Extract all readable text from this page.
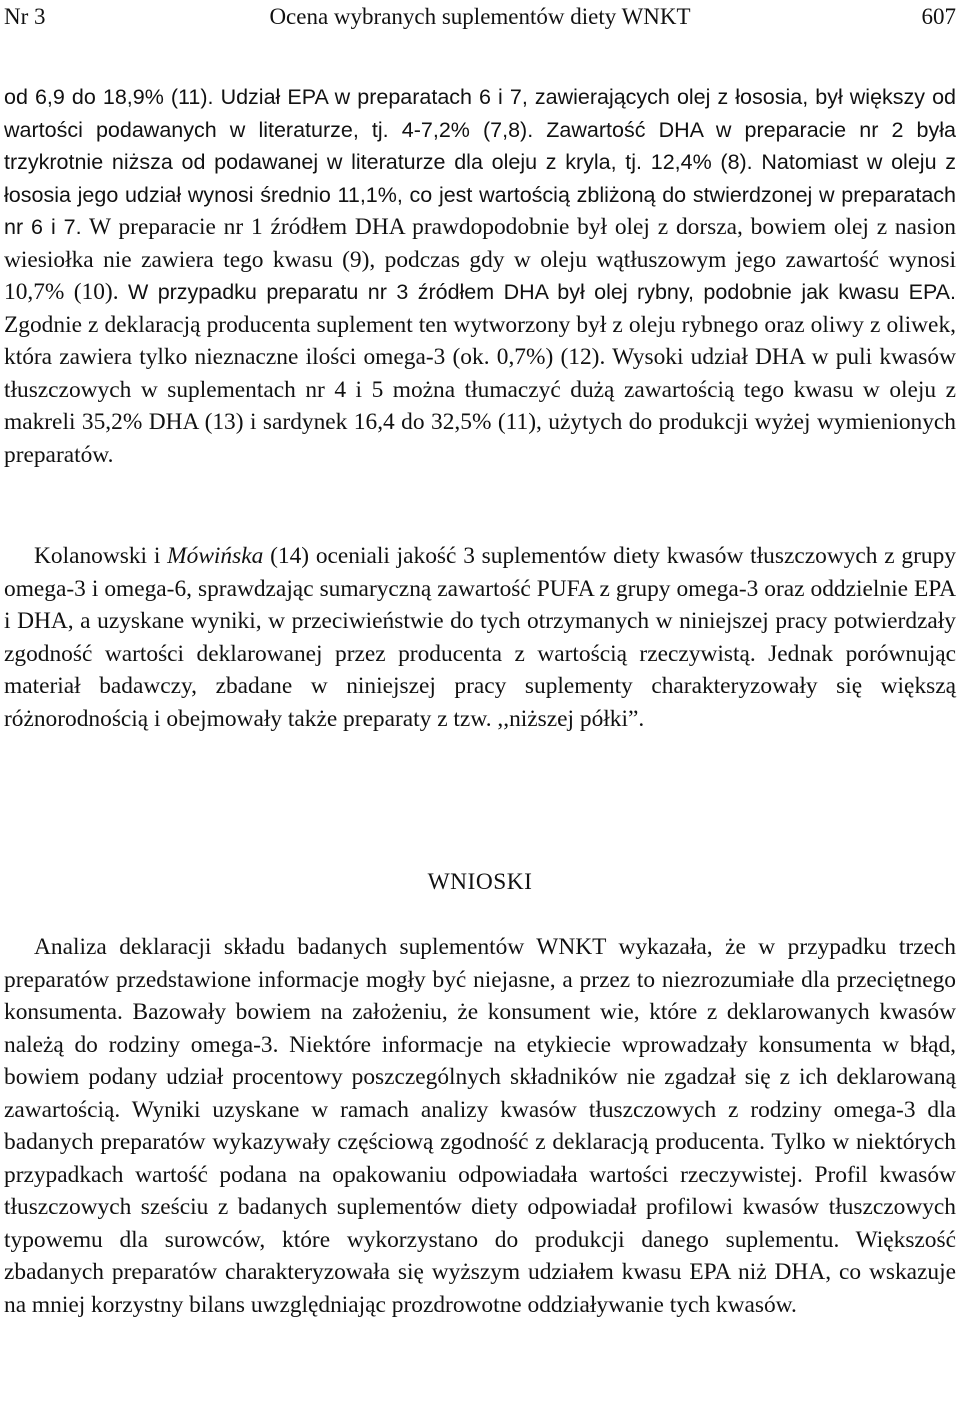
Nr 3	Ocena wybranych suplementów diety WNKT	607

od 6,9 do 18,9% (11). Udział EPA w preparatach 6 i 7, zawierających olej z łososia, był większy od wartości podawanych w literaturze, tj. 4-7,2% (7,8). Zawartość DHA w preparacie nr 2 była trzykrotnie niższa od podawanej w literaturze dla oleju z kryla, tj. 12,4% (8). Natomiast w oleju z łososia jego udział wynosi średnio 11,1%, co jest wartością zbliżoną do stwierdzonej w preparatach nr 6 i 7. W preparacie nr 1 źródłem DHA prawdopodobnie był olej z dorsza, bowiem olej z nasion wiesiołka nie zawiera tego kwasu (9), podczas gdy w oleju wątłuszowym jego zawartość wynosi 10,7% (10). W przypadku preparatu nr 3 źródłem DHA był olej rybny, podobnie jak kwasu EPA. Zgodnie z deklaracją producenta suplement ten wytworzony był z oleju rybnego oraz oliwy z oliwek, która zawiera tylko nieznaczne ilości omega-3 (ok. 0,7%) (12). Wysoki udział DHA w puli kwasów tłuszczowych w suplementach nr 4 i 5 można tłumaczyć dużą zawartością tego kwasu w oleju z makreli 35,2% DHA (13) i sardynek 16,4 do 32,5% (11), użytych do produkcji wyżej wymienionych preparatów.

Kolanowski i Mówińska (14) oceniali jakość 3 suplementów diety kwasów tłuszczowych z grupy omega-3 i omega-6, sprawdzając sumaryczną zawartość PUFA z grupy omega-3 oraz oddzielnie EPA i DHA, a uzyskane wyniki, w przeciwieństwie do tych otrzymanych w niniejszej pracy potwierdzały zgodność wartości deklarowanej przez producenta z wartością rzeczywistą. Jednak porównując materiał badawczy, zbadane w niniejszej pracy suplementy charakteryzowały się większą różnorodnością i obejmowały także preparaty z tzw. ,,niższej półki”.

WNIOSKI

Analiza deklaracji składu badanych suplementów WNKT wykazała, że w przypadku trzech preparatów przedstawione informacje mogły być niejasne, a przez to niezrozumiałe dla przeciętnego konsumenta. Bazowały bowiem na założeniu, że konsument wie, które z deklarowanych kwasów należą do rodziny omega-3. Niektóre informacje na etykiecie wprowadzały konsumenta w błąd, bowiem podany udział procentowy poszczególnych składników nie zgadzał się z ich deklarowaną zawartością. Wyniki uzyskane w ramach analizy kwasów tłuszczowych z rodziny omega-3 dla badanych preparatów wykazywały częściową zgodność z deklaracją producenta. Tylko w niektórych przypadkach wartość podana na opakowaniu odpowiadała wartości rzeczywistej. Profil kwasów tłuszczowych sześciu z badanych suplementów diety odpowiadał profilowi kwasów tłuszczowych typowemu dla surowców, które wykorzystano do produkcji danego suplementu. Większość zbadanych preparatów charakteryzowała się wyższym udziałem kwasu EPA niż DHA, co wskazuje na mniej korzystny bilans uwzględniając prozdrowotne oddziaływanie tych kwasów.
